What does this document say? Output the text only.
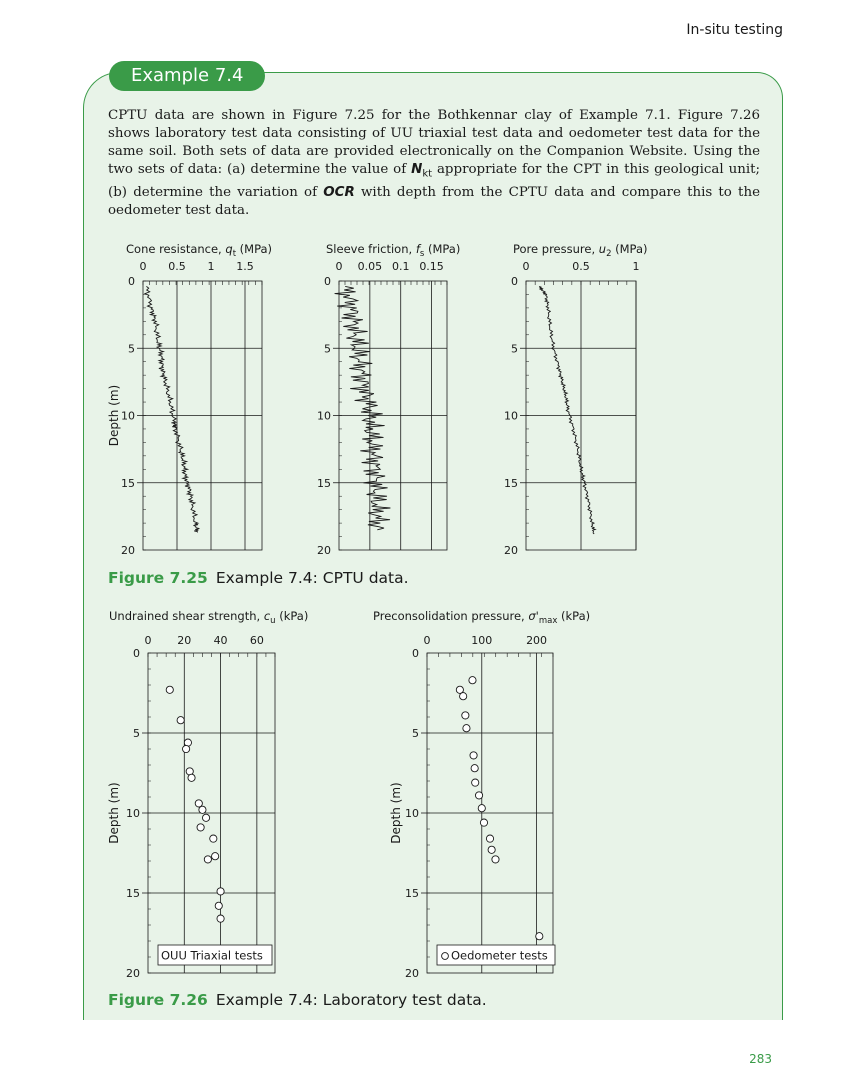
In-situ testing
Example 7.4
CPTU data are shown in Figure 7.25 for the Bothkennar clay of Example 7.1. Figure 7.26 shows laboratory test data consisting of UU triaxial test data and oedometer test data for the same soil. Both sets of data are provided electronically on the Companion Website. Using the two sets of data: (a) determine the value of $N_{kt}$ appropriate for the CPT in this geological unit; (b) determine the variation of OCR with depth from the CPTU data and compare this to the oedometer test data.
0 0.5 1 1.5
0
5
10
15
20
Cone resistance, $q_t$ (MPa)
Depth (m)
0 0.05 0.1 0.15
0
5
10
15
20
Sleeve friction, $f_s$ (MPa)
0	0.5	1
0
5
10
15
20
Pore pressure, $u_2$ (MPa)
0 20 40 60
0
5
10
15
20
Undrained shear strength, $c_u$ (kPa)
Depth (m)
OUU Triaxial tests
0	100	200
0
5
10
15
20
Preconsolidation pressure, $\sigma'_{max}$ (kPa)
Depth (m)
Oedometer tests
Figure 7.25 Example 7.4: CPTU data.
Figure 7.26 Example 7.4: Laboratory test data.
283
